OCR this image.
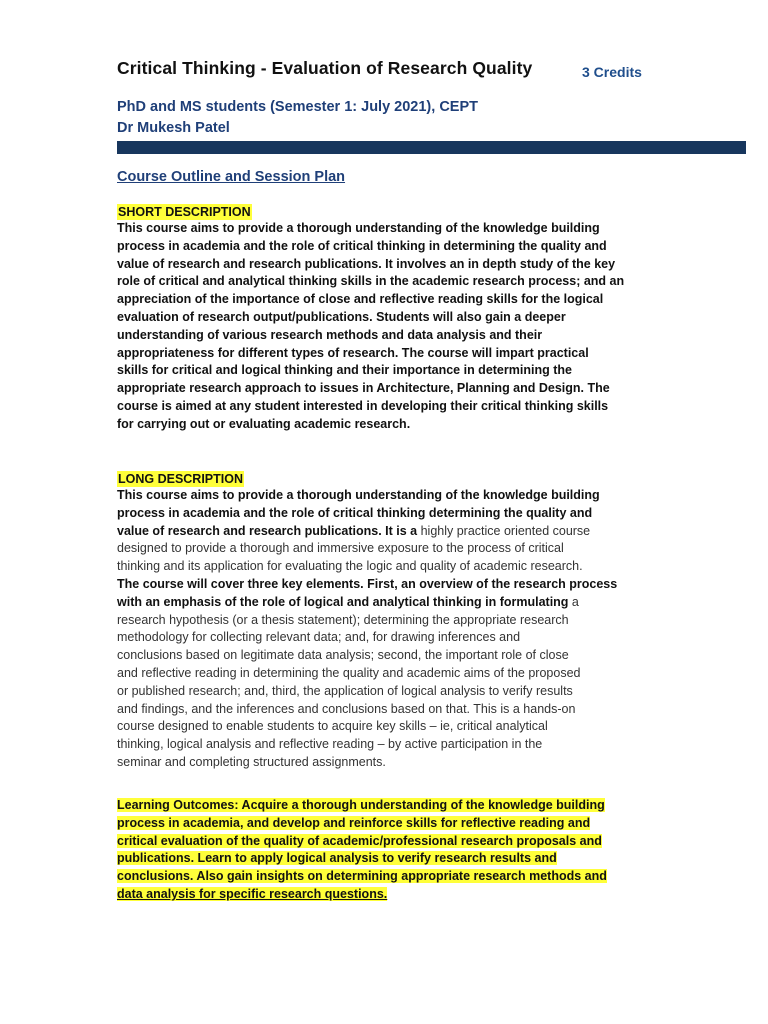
Critical Thinking - Evaluation of Research Quality	3 Credits
PhD and MS students (Semester 1: July 2021), CEPT
Dr Mukesh Patel
Course Outline and Session Plan
SHORT DESCRIPTION
This course aims to provide a thorough understanding of the knowledge building
process in academia and the role of critical thinking in determining the quality and
value of research and research publications. It involves an in depth study of the key
role of critical and analytical thinking skills in the academic research process; and an
appreciation of the importance of close and reflective reading skills for the logical
evaluation of research output/publications. Students will also gain a deeper
understanding of various research methods and data analysis and their
appropriateness for different types of research. The course will impart practical
skills for critical and logical thinking and their importance in determining the
appropriate research approach to issues in Architecture, Planning and Design. The
course is aimed at any student interested in developing their critical thinking skills
for carrying out or evaluating academic research.
LONG DESCRIPTION
This course aims to provide a thorough understanding of the knowledge building
process in academia and the role of critical thinking determining the quality and
value of research and research publications. It is a highly practice oriented course
designed to provide a thorough and immersive exposure to the process of critical
thinking and its application for evaluating the logic and quality of academic research.
The course will cover three key elements. First, an overview of the research process
with an emphasis of the role of logical and analytical thinking in formulating a
research hypothesis (or a thesis statement); determining the appropriate research
methodology for collecting relevant data; and, for drawing inferences and
conclusions based on legitimate data analysis; second, the important role of close
and reflective reading in determining the quality and academic aims of the proposed
or published research; and, third, the application of logical analysis to verify results
and findings, and the inferences and conclusions based on that. This is a hands-on
course designed to enable students to acquire key skills – ie, critical analytical
thinking, logical analysis and reflective reading – by active participation in the
seminar and completing structured assignments.
Learning Outcomes: Acquire a thorough understanding of the knowledge building
process in academia, and develop and reinforce skills for reflective reading and
critical evaluation of the quality of academic/professional research proposals and
publications. Learn to apply logical analysis to verify research results and
conclusions. Also gain insights on determining appropriate research methods and
data analysis for specific research questions.
